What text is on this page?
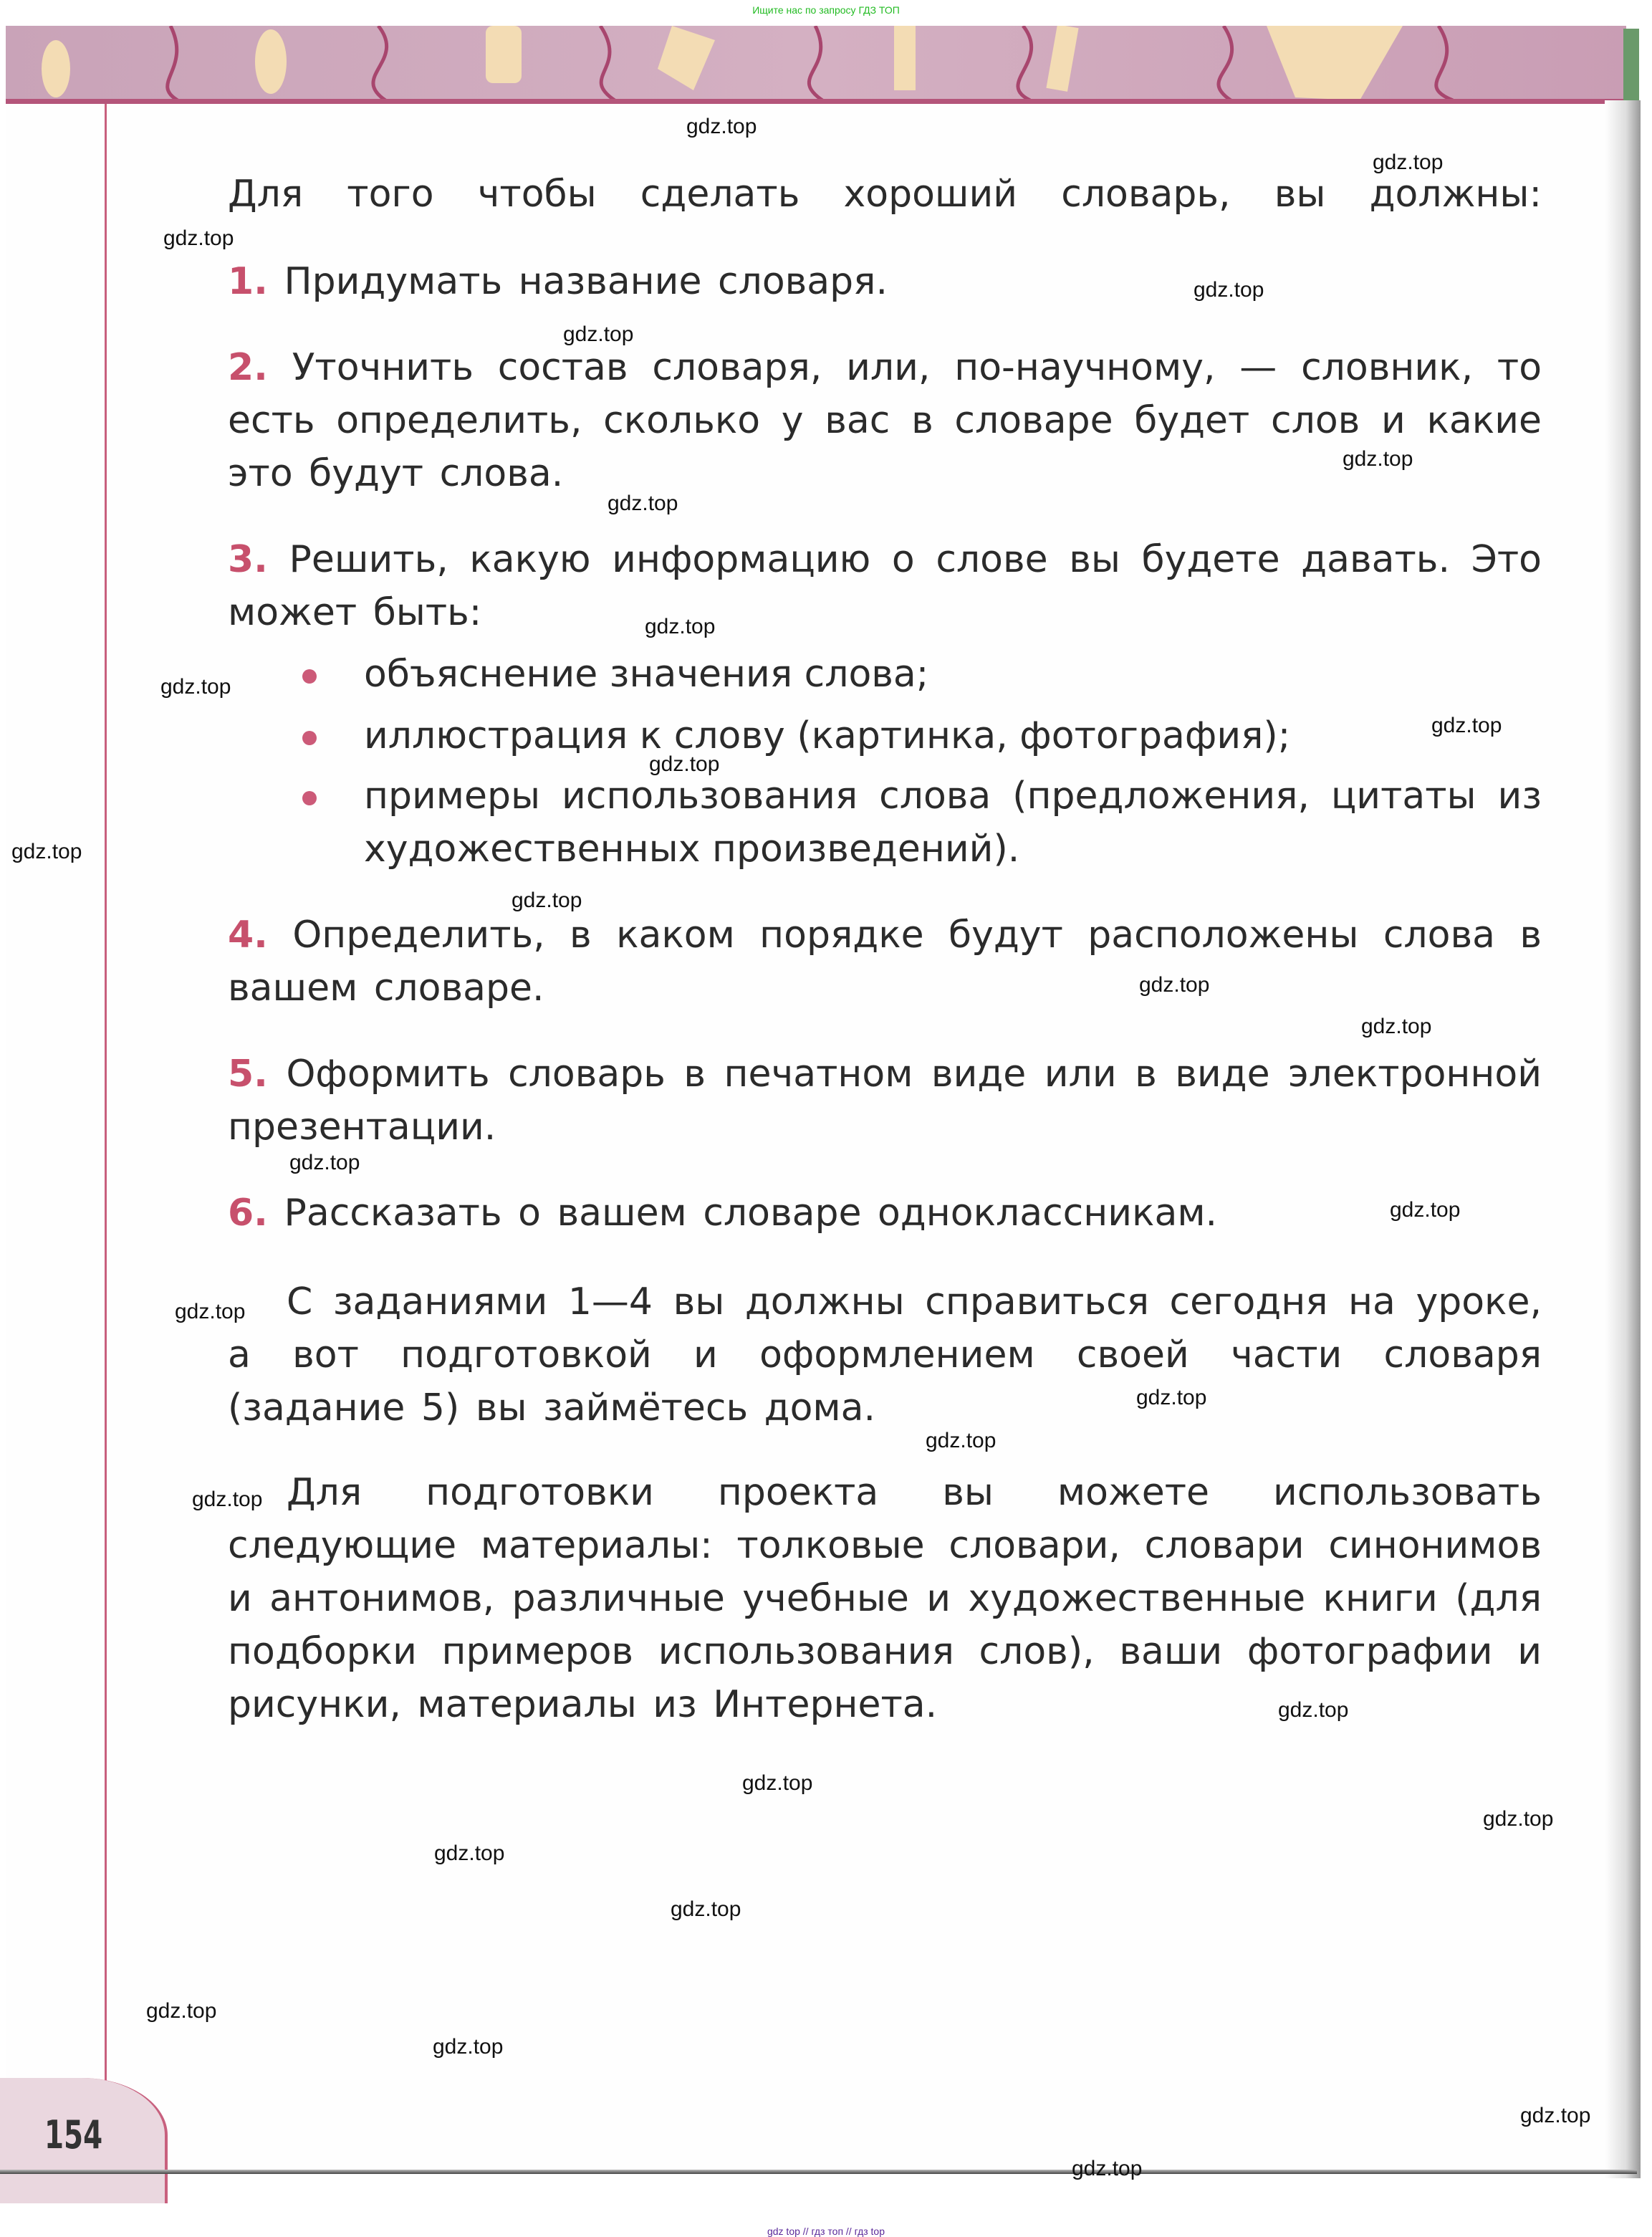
Ищите нас по запросу ГДЗ ТОП
154
Для того чтобы сделать хороший словарь, вы должны:
1. Придумать название словаря.
2. Уточнить состав словаря, или, по-научному, — словник, то есть определить, сколько у вас в словаре будет слов и какие это будут слова.
3. Решить, какую информацию о слове вы будете давать. Это может быть:
объяснение значения слова;
иллюстрация к слову (картинка, фотография);
примеры использования слова (предложения, цитаты из художественных произведений).
4. Определить, в каком порядке будут расположены слова в вашем словаре.
5. Оформить словарь в печатном виде или в виде электронной презентации.
6. Рассказать о вашем словаре одноклассникам.
С заданиями 1—4 вы должны справиться сегодня на уроке, а вот подготовкой и оформлением своей части словаря (задание 5) вы займётесь дома.
Для подготовки проекта вы можете использовать следующие материалы: толковые словари, словари синонимов и антонимов, различные учебные и художественные книги (для подборки примеров использования слов), ваши фотографии и рисунки, материалы из Интернета.
gdz.top
gdz.top
gdz.top
gdz.top
gdz.top
gdz.top
gdz.top
gdz.top
gdz.top
gdz.top
gdz.top
gdz.top
gdz.top
gdz.top
gdz.top
gdz.top
gdz.top
gdz.top
gdz.top
gdz.top
gdz.top
gdz.top
gdz.top
gdz.top
gdz.top
gdz.top
gdz.top
gdz.top
gdz.top
gdz.top
gdz top // гдз топ // гдз top
